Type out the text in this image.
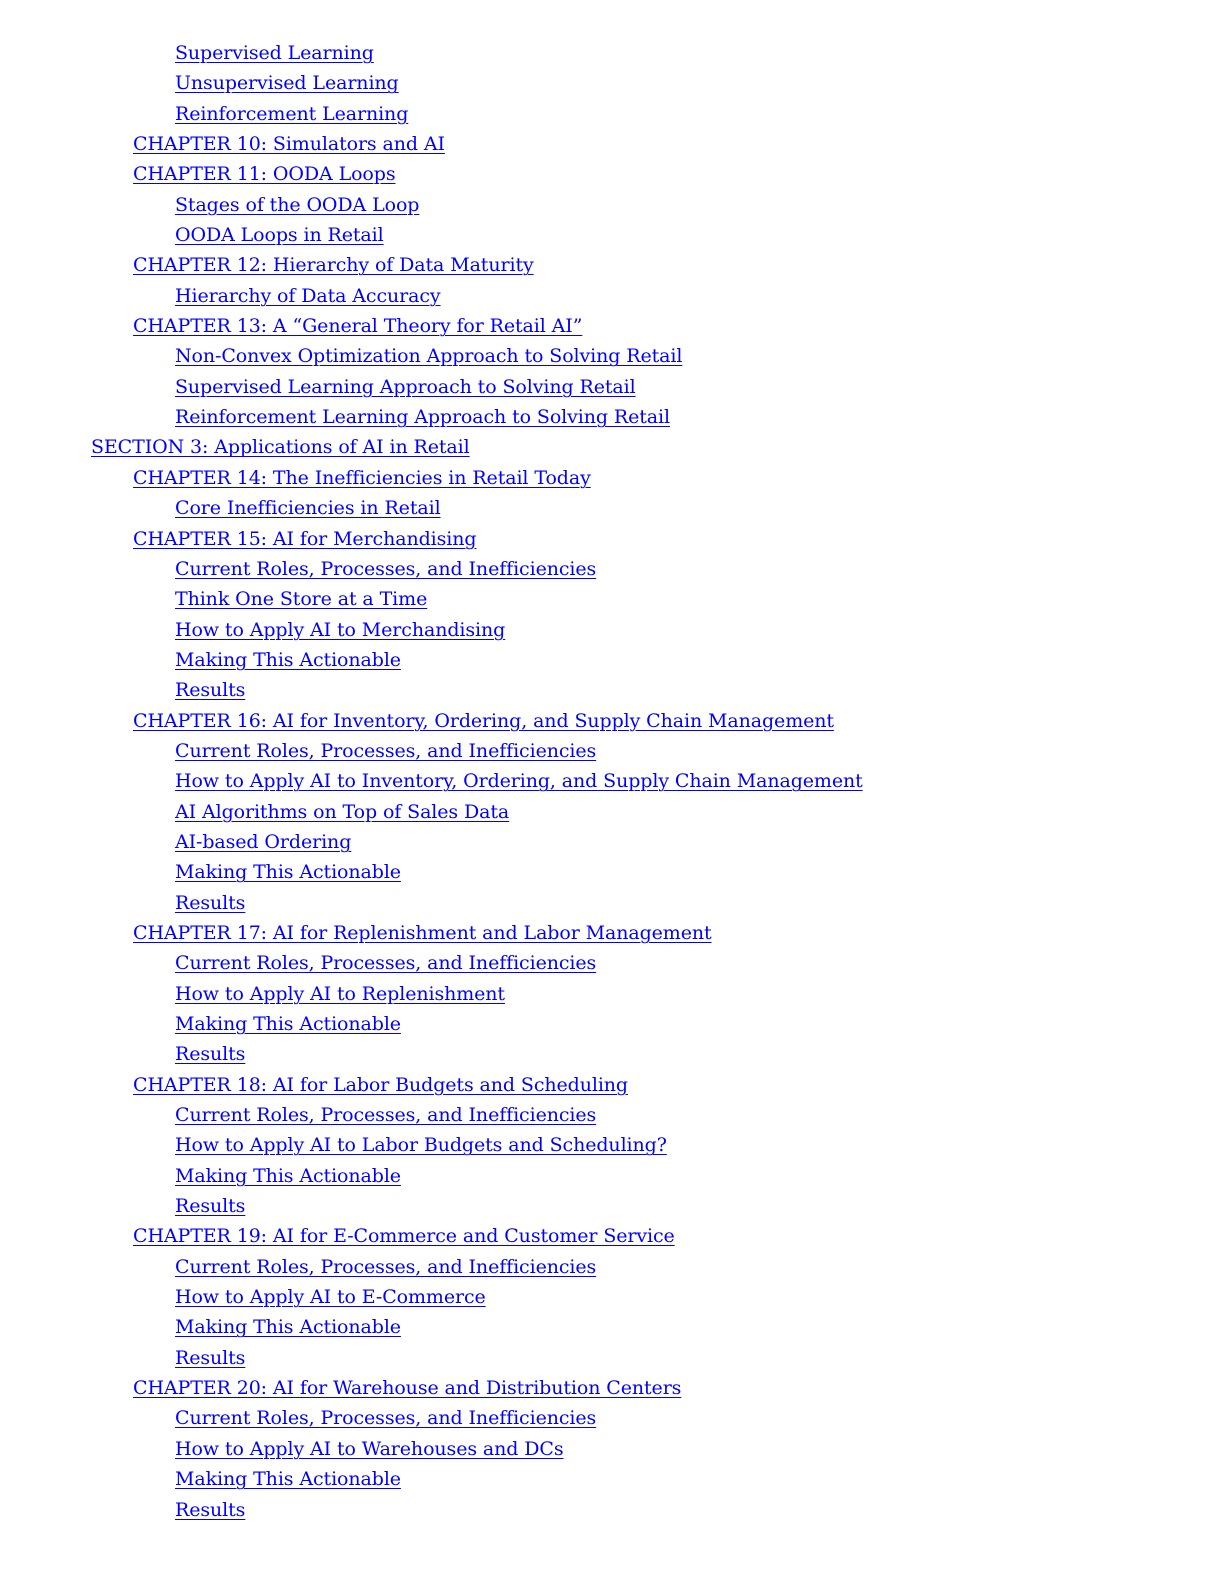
Supervised Learning
Unsupervised Learning
Reinforcement Learning
CHAPTER 10: Simulators and AI
CHAPTER 11: OODA Loops
Stages of the OODA Loop
OODA Loops in Retail
CHAPTER 12: Hierarchy of Data Maturity
Hierarchy of Data Accuracy
CHAPTER 13: A “General Theory for Retail AI”
Non-Convex Optimization Approach to Solving Retail
Supervised Learning Approach to Solving Retail
Reinforcement Learning Approach to Solving Retail
SECTION 3: Applications of AI in Retail
CHAPTER 14: The Inefficiencies in Retail Today
Core Inefficiencies in Retail
CHAPTER 15: AI for Merchandising
Current Roles, Processes, and Inefficiencies
Think One Store at a Time
How to Apply AI to Merchandising
Making This Actionable
Results
CHAPTER 16: AI for Inventory, Ordering, and Supply Chain Management
Current Roles, Processes, and Inefficiencies
How to Apply AI to Inventory, Ordering, and Supply Chain Management
AI Algorithms on Top of Sales Data
AI-based Ordering
Making This Actionable
Results
CHAPTER 17: AI for Replenishment and Labor Management
Current Roles, Processes, and Inefficiencies
How to Apply AI to Replenishment
Making This Actionable
Results
CHAPTER 18: AI for Labor Budgets and Scheduling
Current Roles, Processes, and Inefficiencies
How to Apply AI to Labor Budgets and Scheduling?
Making This Actionable
Results
CHAPTER 19: AI for E-Commerce and Customer Service
Current Roles, Processes, and Inefficiencies
How to Apply AI to E-Commerce
Making This Actionable
Results
CHAPTER 20: AI for Warehouse and Distribution Centers
Current Roles, Processes, and Inefficiencies
How to Apply AI to Warehouses and DCs
Making This Actionable
Results
